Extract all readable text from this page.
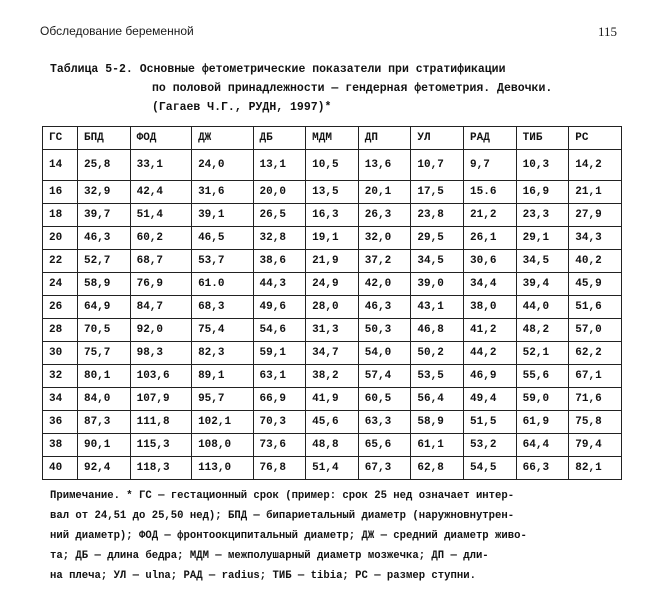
Обследование беременной	115
Таблица 5-2. Основные фетометрические показатели при стратификации
по половой принадлежности — гендерная фетометрия. Девочки.
(Гагаев Ч.Г., РУДН, 1997)*
ГС	БПД	ФОД	ДЖ	ДБ	МДМ	ДП	УЛ	РАД	ТИБ	РС
14	25,8	33,1	24,0	13,1	10,5	13,6	10,7	9,7	10,3	14,2
16	32,9	42,4	31,6	20,0	13,5	20,1	17,5	15.6	16,9	21,1
18	39,7	51,4	39,1	26,5	16,3	26,3	23,8	21,2	23,3	27,9
20	46,3	60,2	46,5	32,8	19,1	32,0	29,5	26,1	29,1	34,3
22	52,7	68,7	53,7	38,6	21,9	37,2	34,5	30,6	34,5	40,2
24	58,9	76,9	61.0	44,3	24,9	42,0	39,0	34,4	39,4	45,9
26	64,9	84,7	68,3	49,6	28,0	46,3	43,1	38,0	44,0	51,6
28	70,5	92,0	75,4	54,6	31,3	50,3	46,8	41,2	48,2	57,0
30	75,7	98,3	82,3	59,1	34,7	54,0	50,2	44,2	52,1	62,2
32	80,1	103,6	89,1	63,1	38,2	57,4	53,5	46,9	55,6	67,1
34	84,0	107,9	95,7	66,9	41,9	60,5	56,4	49,4	59,0	71,6
36	87,3	111,8	102,1	70,3	45,6	63,3	58,9	51,5	61,9	75,8
38	90,1	115,3	108,0	73,6	48,8	65,6	61,1	53,2	64,4	79,4
40	92,4	118,3	113,0	76,8	51,4	67,3	62,8	54,5	66,3	82,1
Примечание. * ГС — гестационный срок (пример: срок 25 нед означает интер-
вал от 24,51 до 25,50 нед); БПД — бипариетальный диаметр (наружновнутрен-
ний диаметр); ФОД — фронтоокципитальный диаметр; ДЖ — средний диаметр живо-
та; ДБ — длина бедра; МДМ — межполушарный диаметр мозжечка; ДП — дли-
на плеча; УЛ — ulna; РАД — radius; ТИБ — tibia; РС — размер ступни.
